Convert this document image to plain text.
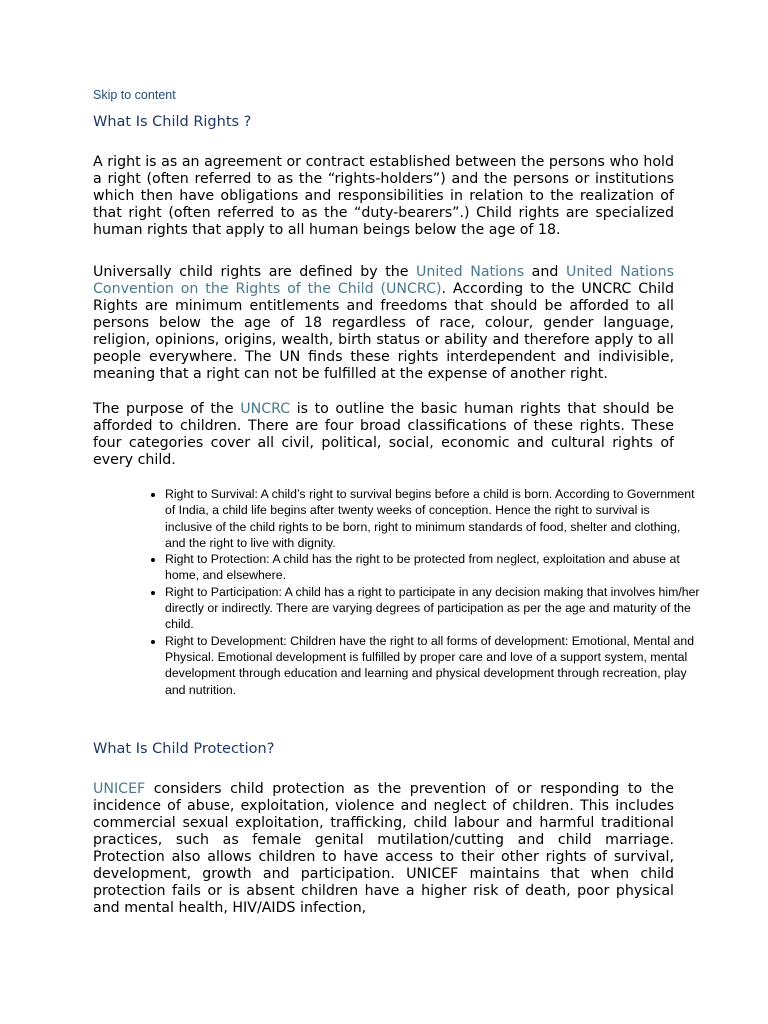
Skip to content
What Is Child Rights ?

A right is as an agreement or contract established between the persons who hold a right (often referred to as the “rights-holders”) and the persons or institutions which then have obligations and responsibilities in relation to the realization of that right (often referred to as the “duty-bearers”.) Child rights are specialized human rights that apply to all human beings below the age of 18.

Universally child rights are defined by the United Nations and United Nations Convention on the Rights of the Child (UNCRC). According to the UNCRC Child Rights are minimum entitlements and freedoms that should be afforded to all persons below the age of 18 regardless of race, colour, gender language, religion, opinions, origins, wealth, birth status or ability and therefore apply to all people everywhere. The UN finds these rights interdependent and indivisible, meaning that a right can not be fulfilled at the expense of another right.

The purpose of the UNCRC is to outline the basic human rights that should be afforded to children. There are four broad classifications of these rights. These four categories cover all civil, political, social, economic and cultural rights of every child.

• Right to Survival: A child’s right to survival begins before a child is born. According to Government of India, a child life begins after twenty weeks of conception. Hence the right to survival is inclusive of the child rights to be born, right to minimum standards of food, shelter and clothing, and the right to live with dignity.
• Right to Protection: A child has the right to be protected from neglect, exploitation and abuse at home, and elsewhere.
• Right to Participation: A child has a right to participate in any decision making that involves him/her directly or indirectly. There are varying degrees of participation as per the age and maturity of the child.
• Right to Development: Children have the right to all forms of development: Emotional, Mental and Physical. Emotional development is fulfilled by proper care and love of a support system, mental development through education and learning and physical development through recreation, play and nutrition.
What Is Child Protection?

UNICEF considers child protection as the prevention of or responding to the incidence of abuse, exploitation, violence and neglect of children. This includes commercial sexual exploitation, trafficking, child labour and harmful traditional practices, such as female genital mutilation/cutting and child marriage. Protection also allows children to have access to their other rights of survival, development, growth and participation. UNICEF maintains that when child protection fails or is absent children have a higher risk of death, poor physical and mental health, HIV/AIDS infection,
